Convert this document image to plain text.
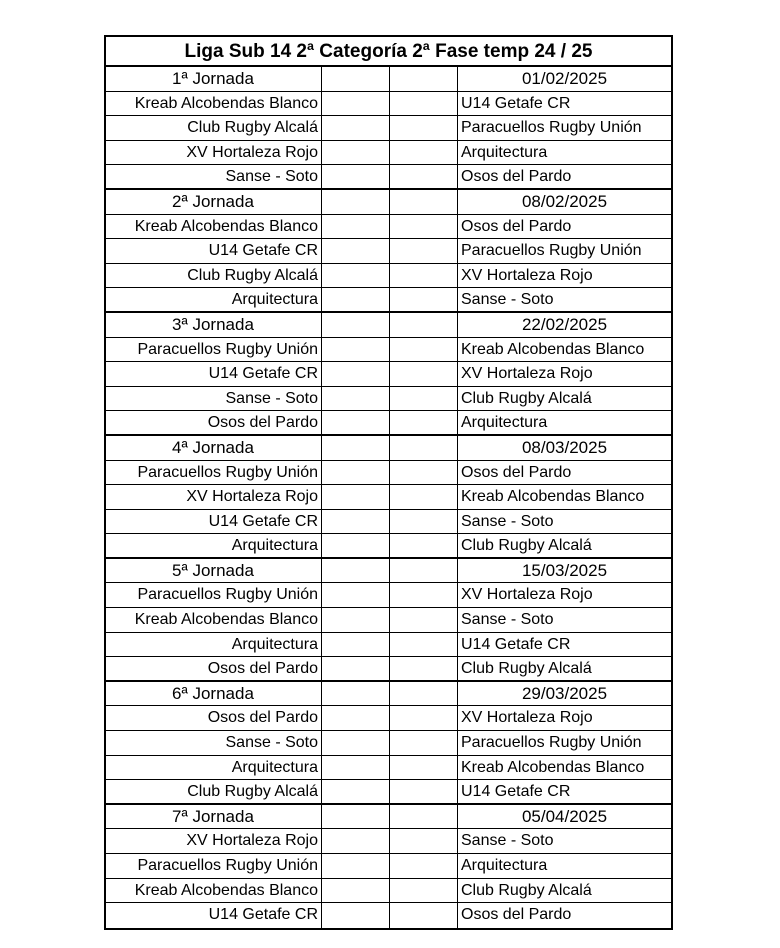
Liga Sub 14 2ª Categoría 2ª Fase temp 24 / 25
1ª Jornada	01/02/2025
Kreab Alcobendas Blanco	U14 Getafe CR
Club Rugby Alcalá	Paracuellos Rugby Unión
XV Hortaleza Rojo	Arquitectura
Sanse - Soto	Osos del Pardo
2ª Jornada	08/02/2025
Kreab Alcobendas Blanco	Osos del Pardo
U14 Getafe CR	Paracuellos Rugby Unión
Club Rugby Alcalá	XV Hortaleza Rojo
Arquitectura	Sanse - Soto
3ª Jornada	22/02/2025
Paracuellos Rugby Unión	Kreab Alcobendas Blanco
U14 Getafe CR	XV Hortaleza Rojo
Sanse - Soto	Club Rugby Alcalá
Osos del Pardo	Arquitectura
4ª Jornada	08/03/2025
Paracuellos Rugby Unión	Osos del Pardo
XV Hortaleza Rojo	Kreab Alcobendas Blanco
U14 Getafe CR	Sanse - Soto
Arquitectura	Club Rugby Alcalá
5ª Jornada	15/03/2025
Paracuellos Rugby Unión	XV Hortaleza Rojo
Kreab Alcobendas Blanco	Sanse - Soto
Arquitectura	U14 Getafe CR
Osos del Pardo	Club Rugby Alcalá
6ª Jornada	29/03/2025
Osos del Pardo	XV Hortaleza Rojo
Sanse - Soto	Paracuellos Rugby Unión
Arquitectura	Kreab Alcobendas Blanco
Club Rugby Alcalá	U14 Getafe CR
7ª Jornada	05/04/2025
XV Hortaleza Rojo	Sanse - Soto
Paracuellos Rugby Unión	Arquitectura
Kreab Alcobendas Blanco	Club Rugby Alcalá
U14 Getafe CR	Osos del Pardo
